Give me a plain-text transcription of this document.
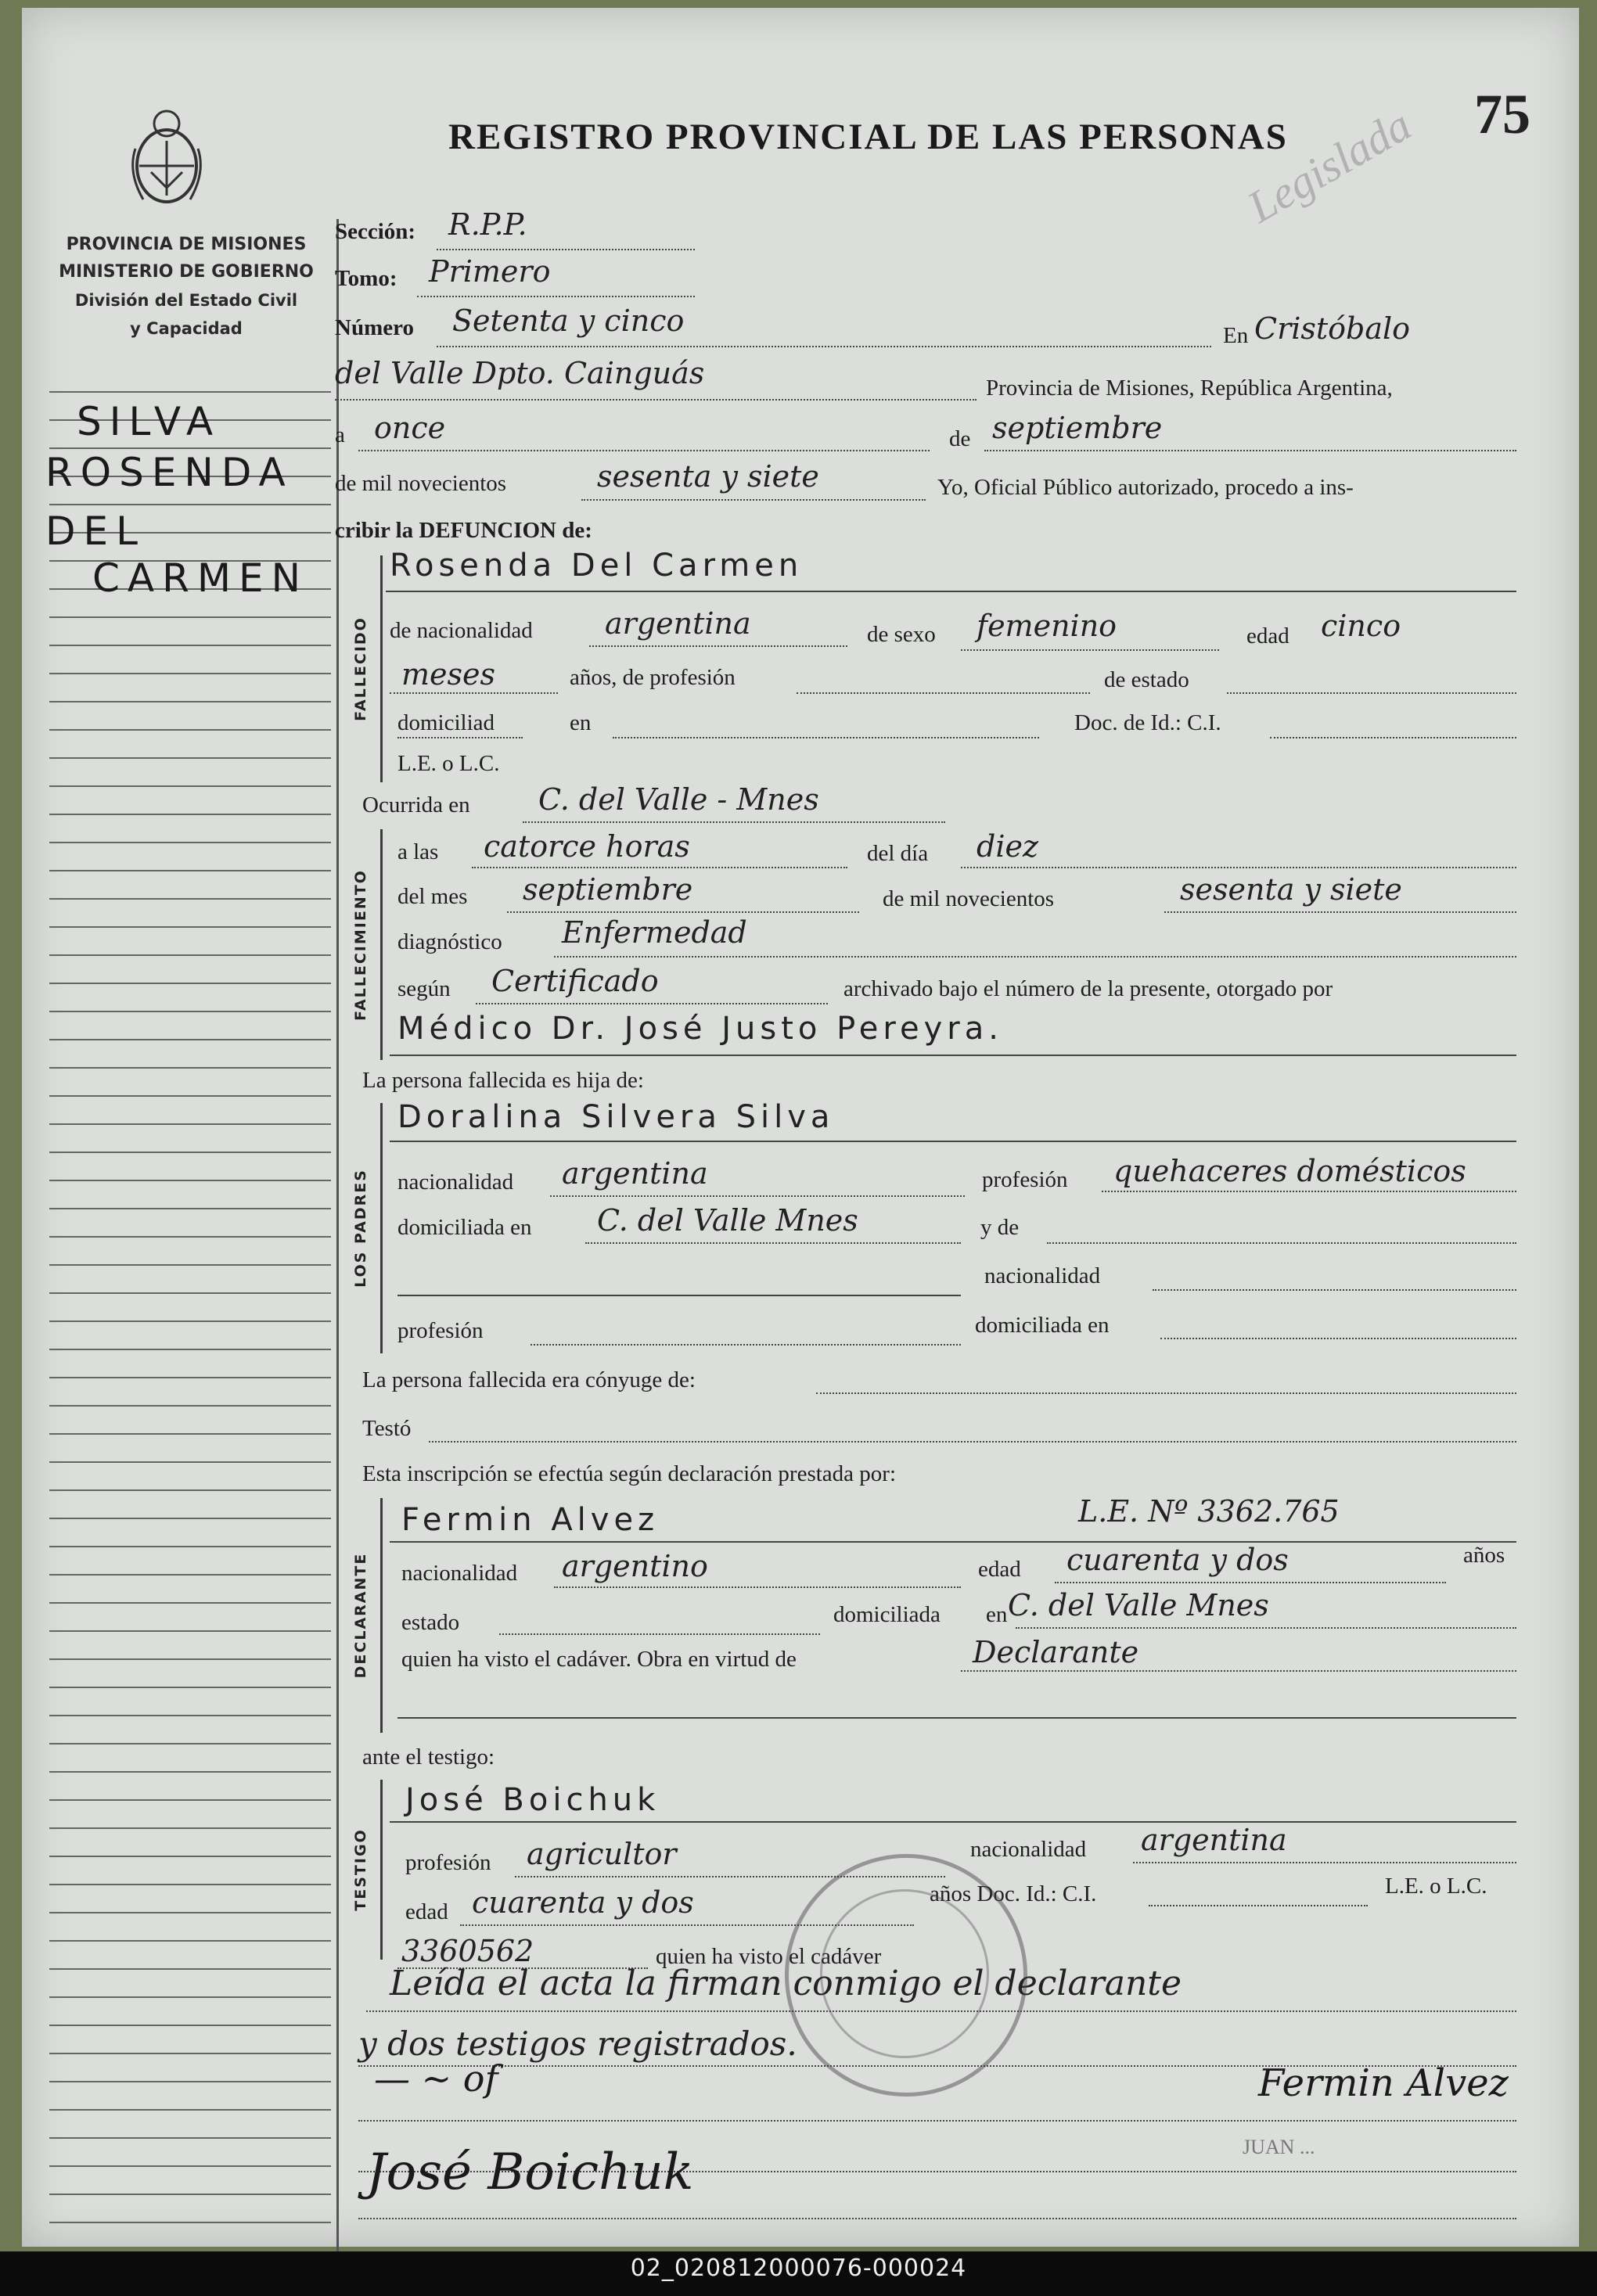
PROVINCIA DE MISIONES
MINISTERIO DE GOBIERNO
División del Estado Civil
y Capacidad
SILVA
ROSENDA
DEL
CARMEN
REGISTRO PROVINCIAL DE LAS PERSONAS	75
Legislada
Sección: R.P.P.
Tomo: Primero
Número Setenta y cinco	En Cristóbalo
del Valle Dpto. Cainguás	Provincia de Misiones, República Argentina,
a once	de septiembre
de mil novecientos	sesenta y siete	Yo, Oficial Público autorizado, procedo a ins-
cribir la DEFUNCION de:
FALLECIDO
Rosenda Del Carmen
de nacionalidad argentina	de sexo femenino	edad cinco
meses	años, de profesión	de estado
domiciliad	en	Doc. de Id.: C.I.
L.E. o L.C.
Ocurrida en C. del Valle - Mnes
FALLECIMIENTO
a las catorce horas	del día diez
del mes septiembre	de mil novecientos	sesenta y siete
diagnóstico Enfermedad
según Certificado	archivado bajo el número de la presente, otorgado por
Médico Dr. José Justo Pereyra.
La persona fallecida es hija de:
LOS PADRES
Doralina Silvera Silva
nacionalidad argentina	profesión quehaceres domésticos
domiciliada en C. del Valle Mnes	y de
nacionalidad
profesión	domiciliada en
La persona fallecida era cónyuge de:
Testó
Esta inscripción se efectúa según declaración prestada por:
DECLARANTE
Fermin Alvez	L.E. Nº 3362.765
nacionalidad argentino	edad cuarenta y dos	años
estado	domiciliada en C. del Valle Mnes
quien ha visto el cadáver. Obra en virtud de	Declarante
ante el testigo:
TESTIGO
José Boichuk
profesión agricultor	nacionalidad argentina
edad cuarenta y dos	años Doc. Id.: C.I.	L.E. o L.C.
3360562	quien ha visto el cadáver
Leída el acta la firman conmigo el declarante
y dos testigos registrados.
— ~ of
José Boichuk
Fermin Alvez
JUAN ...
02_020812000076-000024
